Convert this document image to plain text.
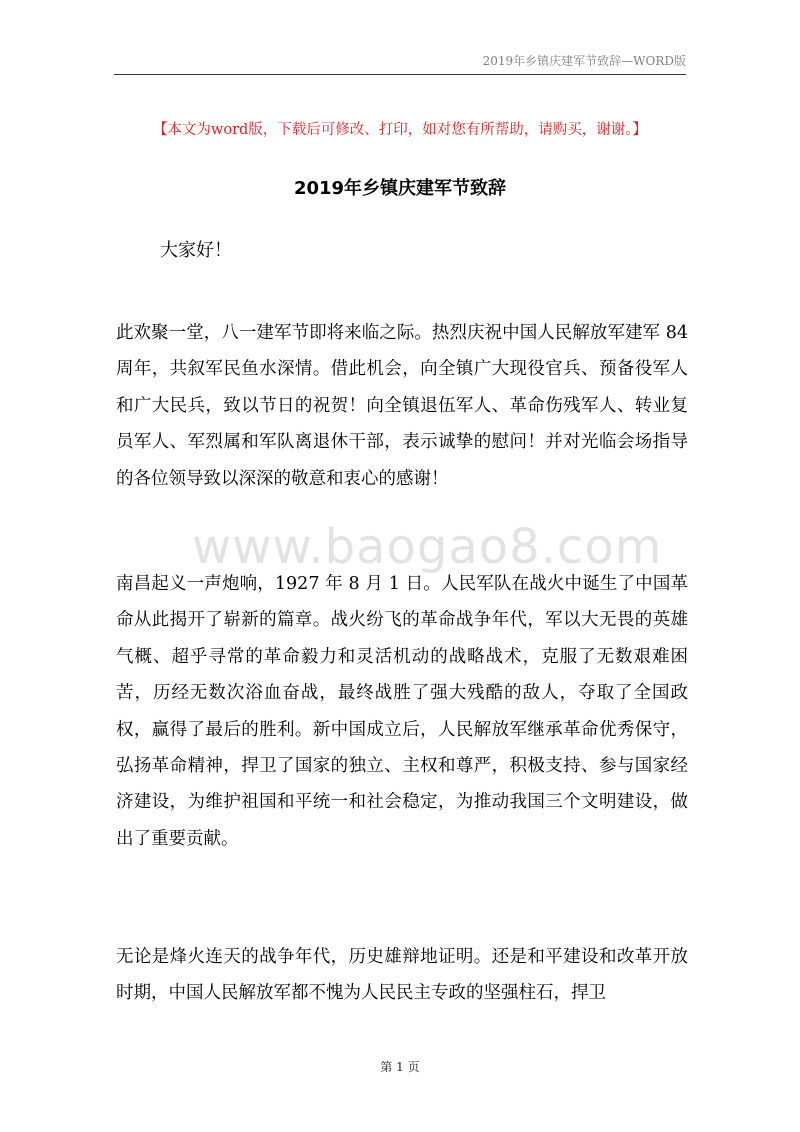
2019年乡镇庆建军节致辞—WORD版
【本文为word版，下载后可修改、打印，如对您有所帮助，请购买，谢谢。】
2019年乡镇庆建军节致辞
大家好！

此欢聚一堂，八一建军节即将来临之际。热烈庆祝中国人民解放军建军 84 周年，共叙军民鱼水深情。借此机会，向全镇广大现役官兵、预备役军人和广大民兵，致以节日的祝贺！向全镇退伍军人、革命伤残军人、转业复员军人、军烈属和军队离退休干部，表示诚挚的慰问！并对光临会场指导的各位领导致以深深的敬意和衷心的感谢！

www.baogao8.com

南昌起义一声炮响，1927 年 8 月 1 日。人民军队在战火中诞生了中国革命从此揭开了崭新的篇章。战火纷飞的革命战争年代，军以大无畏的英雄气概、超乎寻常的革命毅力和灵活机动的战略战术，克服了无数艰难困苦，历经无数次浴血奋战，最终战胜了强大残酷的敌人，夺取了全国政权，赢得了最后的胜利。新中国成立后，人民解放军继承革命优秀保守，弘扬革命精神，捍卫了国家的独立、主权和尊严，积极支持、参与国家经济建设，为维护祖国和平统一和社会稳定，为推动我国三个文明建设，做出了重要贡献。

无论是烽火连天的战争年代，历史雄辩地证明。还是和平建设和改革开放时期，中国人民解放军都不愧为人民民主专政的坚强柱石，捍卫

第 1 页
